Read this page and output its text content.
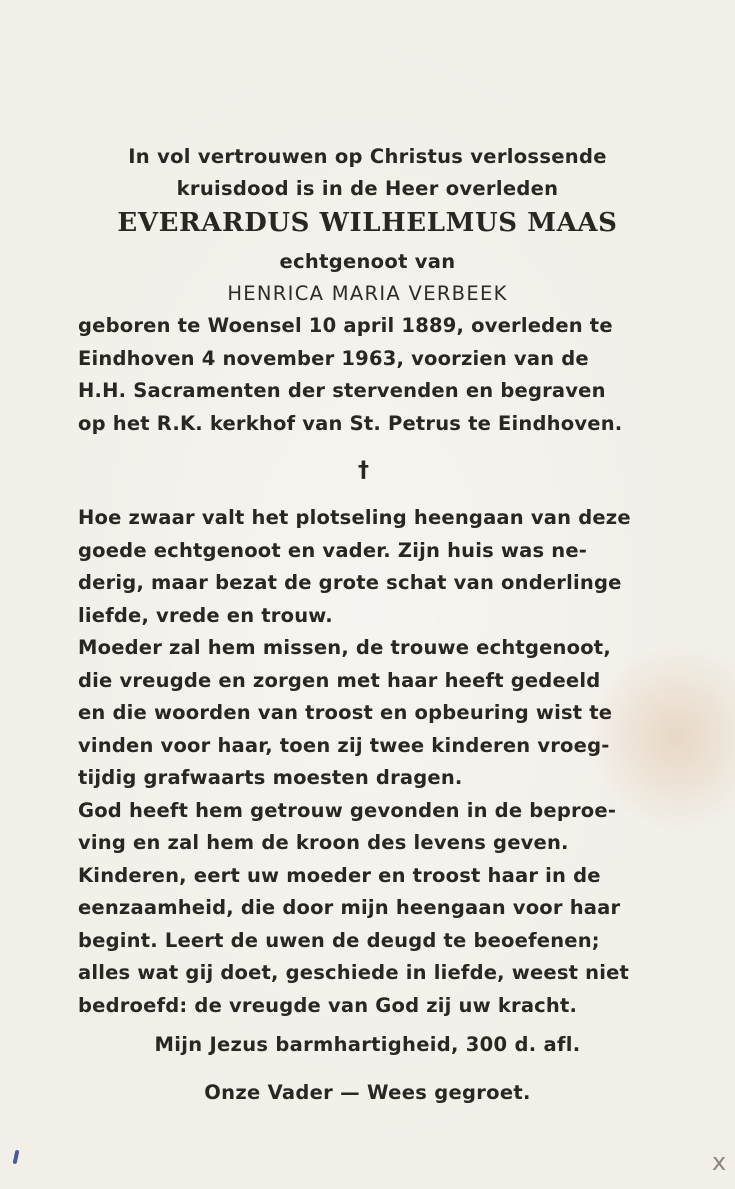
In vol vertrouwen op Christus verlossende
kruisdood is in de Heer overleden
EVERARDUS WILHELMUS MAAS
echtgenoot van
HENRICA MARIA VERBEEK
geboren te Woensel 10 april 1889, overleden te
Eindhoven 4 november 1963, voorzien van de
H.H. Sacramenten der stervenden en begraven
op het R.K. kerkhof van St. Petrus te Eindhoven.
†
Hoe zwaar valt het plotseling heengaan van deze
goede echtgenoot en vader. Zijn huis was ne-
derig, maar bezat de grote schat van onderlinge
liefde, vrede en trouw.
Moeder zal hem missen, de trouwe echtgenoot,
die vreugde en zorgen met haar heeft gedeeld
en die woorden van troost en opbeuring wist te
vinden voor haar, toen zij twee kinderen vroeg-
tijdig grafwaarts moesten dragen.
God heeft hem getrouw gevonden in de beproe-
ving en zal hem de kroon des levens geven.
Kinderen, eert uw moeder en troost haar in de
eenzaamheid, die door mijn heengaan voor haar
begint. Leert de uwen de deugd te beoefenen;
alles wat gij doet, geschiede in liefde, weest niet
bedroefd: de vreugde van God zij uw kracht.
Mijn Jezus barmhartigheid, 300 d. afl.
Onze Vader — Wees gegroet.
ⅹ
